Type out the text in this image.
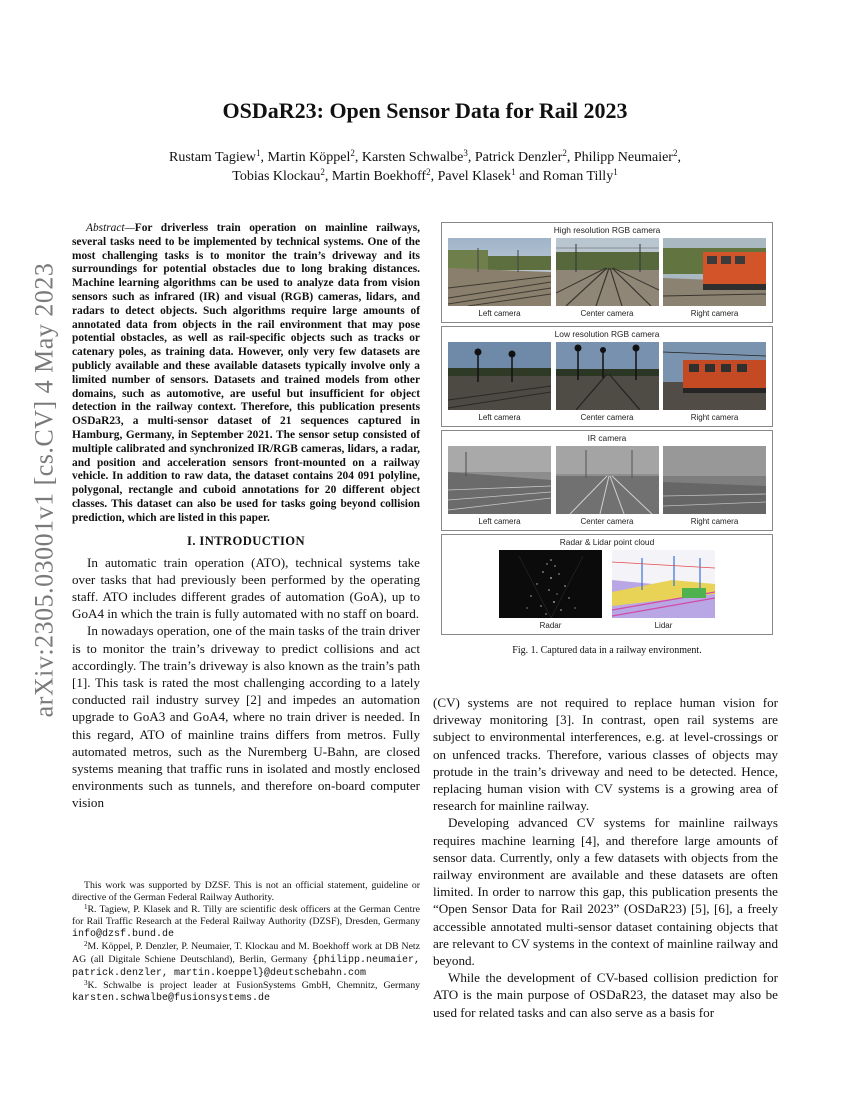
arXiv:2305.03001v1 [cs.CV] 4 May 2023
OSDaR23: Open Sensor Data for Rail 2023
Rustam Tagiew$^1$, Martin Köppel$^2$, Karsten Schwalbe$^3$, Patrick Denzler$^2$, Philipp Neumaier$^2$,
Tobias Klockau$^2$, Martin Boekhoff$^2$, Pavel Klasek$^1$ and Roman Tilly$^1$

Abstract—For driverless train operation on mainline railways, several tasks need to be implemented by technical systems. One of the most challenging tasks is to monitor the train’s driveway and its surroundings for potential obstacles due to long braking distances. Machine learning algorithms can be used to analyze data from vision sensors such as infrared (IR) and visual (RGB) cameras, lidars, and radars to detect objects. Such algorithms require large amounts of annotated data from objects in the rail environment that may pose potential obstacles, as well as rail-specific objects such as tracks or catenary poles, as training data. However, only very few datasets are publicly available and these available datasets typically involve only a limited number of sensors. Datasets and trained models from other domains, such as automotive, are useful but insufficient for object detection in the railway context. Therefore, this publication presents OSDaR23, a multi-sensor dataset of 21 sequences captured in Hamburg, Germany, in September 2021. The sensor setup consisted of multiple calibrated and synchronized IR/RGB cameras, lidars, a radar, and position and acceleration sensors front-mounted on a railway vehicle. In addition to raw data, the dataset contains 204 091 polyline, polygonal, rectangle and cuboid annotations for 20 different object classes. This dataset can also be used for tasks going beyond collision prediction, which are listed in this paper.

I. INTRODUCTION

In automatic train operation (ATO), technical systems take over tasks that had previously been performed by the operating staff. ATO includes different grades of automation (GoA), up to GoA4 in which the train is fully automated with no staff on board.

In nowadays operation, one of the main tasks of the train driver is to monitor the train’s driveway to predict collisions and act accordingly. The train’s driveway is also known as the train’s path [1]. This task is rated the most challenging according to a lately conducted rail industry survey [2] and impedes an automation upgrade to GoA3 and GoA4, where no train driver is needed. In this regard, ATO of mainline trains differs from metros. Fully automated metros, such as the Nuremberg U-Bahn, are closed systems meaning that traffic runs in isolated and mostly enclosed environments such as tunnels, and therefore on-board computer vision

This work was supported by DZSF. This is not an official statement, guideline or directive of the German Federal Railway Authority.

$^1$R. Tagiew, P. Klasek and R. Tilly are scientific desk officers at the German Centre for Rail Traffic Research at the Federal Railway Authority (DZSF), Dresden, Germany info@dzsf.bund.de

$^2$M. Köppel, P. Denzler, P. Neumaier, T. Klockau and M. Boekhoff work at DB Netz AG (all Digitale Schiene Deutschland), Berlin, Germany {philipp.neumaier, patrick.denzler, martin.koeppel}@deutschebahn.com

$^3$K. Schwalbe is project leader at FusionSystems GmbH, Chemnitz, Germany karsten.schwalbe@fusionsystems.de

High resolution RGB camera
Left camera	Center camera	Right camera
Low resolution RGB camera
Left camera	Center camera	Right camera
IR camera
Left camera	Center camera	Right camera
Radar & Lidar point cloud
Radar	Lidar
Fig. 1. Captured data in a railway environment.

(CV) systems are not required to replace human vision for driveway monitoring [3]. In contrast, open rail systems are subject to environmental interferences, e.g. at level-crossings or on unfenced tracks. Therefore, various classes of objects may protude in the train’s driveway and need to be detected. Hence, replacing human vision with CV systems is a growing area of research for mainline railway.

Developing advanced CV systems for mainline railways requires machine learning [4], and therefore large amounts of sensor data. Currently, only a few datasets with objects from the railway environment are available and these datasets are often limited. In order to narrow this gap, this publication presents the “Open Sensor Data for Rail 2023” (OSDaR23) [5], [6], a freely accessible annotated multi-sensor dataset containing objects that are relevant to CV systems in the context of mainline railway and beyond.

While the development of CV-based collision prediction for ATO is the main purpose of OSDaR23, the dataset may also be used for related tasks and can also serve as a basis for
